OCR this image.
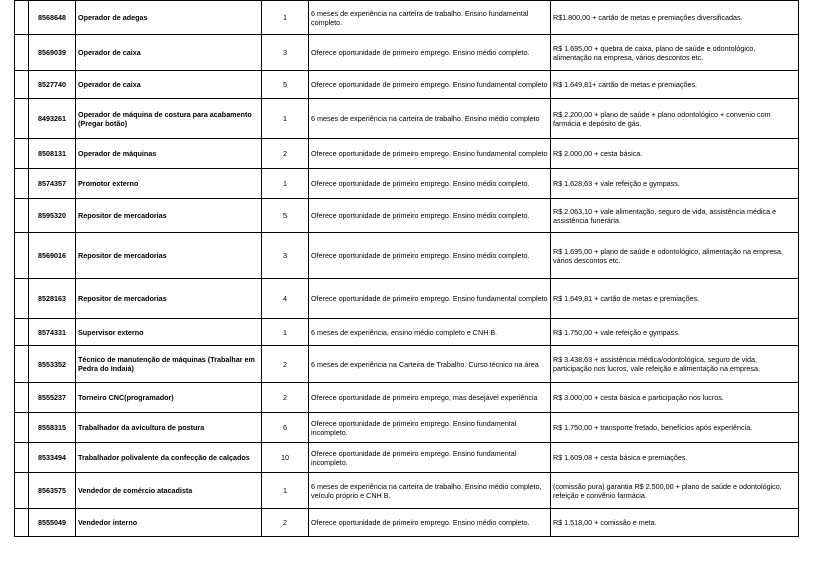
	8568648	Operador de adegas	1	6 meses de experiência na carteira de trabalho. Ensino fundamental completo.	R$1.800,00 + cartão de metas e premiações diversificadas.
	8569039	Operador de caixa	3	Oferece oportunidade de primeiro emprego. Ensino médio completo.	R$ 1.695,00 + quebra de caixa, plano de saúde e odontológico, alimentação na empresa, vários descontos etc.
	8527740	Operador de caixa	5	Oferece oportunidade de primeiro emprego. Ensino fundamental completo	R$ 1.649,81+ cartão de metas e premiações.
	8493261	Operador de máquina de costura para acabamento (Pregar botão)	1	6 meses de experiência na carteira de trabalho. Ensino médio completo	R$ 2.200,00 + plano de saúde + plano odontológico + convenio com farmácia e depósito de gás.
	8508131	Operador de máquinas	2	Oferece oportunidade de primeiro emprego. Ensino fundamental completo	R$ 2.000,00 + cesta básica.
	8574357	Promotor externo	1	Oferece oportunidade de primeiro emprego. Ensino médio completo.	R$ 1.628,63 + vale refeição e gympass.
	8595320	Repositor de mercadorias	5	Oferece oportunidade de primeiro emprego. Ensino médio completo.	R$ 2.063,10 + vale alimentação, seguro de vida, assistência médica e assistência funerária.
	8569016	Repositor de mercadorias	3	Oferece oportunidade de primeiro emprego. Ensino médio completo.	R$ 1.695,00 + plano de saúde e odontológico, alimentação na empresa, vários descontos etc.
	8528163	Repositor de mercadorias	4	Oferece oportunidade de primeiro emprego. Ensino fundamental completo	R$ 1.649,81 + cartão de metas e premiações.
	8574331	Supervisor externo	1	6 meses de experiência, ensino médio completo e CNH B.	R$ 1.750,00 + vale refeição e gympass.
	8553352	Técnico de manutenção de máquinas (Trabalhar em Pedra do Indaiá)	2	6 meses de experiência na Carteira de Trabalho. Curso técnico na área	R$ 3.438,63 + assistência médica/odontológica, seguro de vida, participação nos lucros, vale refeição e alimentação na empresa.
	8555237	Torneiro CNC(programador)	2	Oferece oportunidade de primeiro emprego, mas desejável experiência	R$ 3.000,00 + cesta básica e participação nos lucros.
	8558315	Trabalhador da avicultura de postura	6	Oferece oportunidade de primeiro emprego. Ensino fundamental incompleto.	R$ 1.750,00 + transporte fretado, benefícios após experiência.
	8533494	Trabalhador polivalente da confecção de calçados	10	Oferece oportunidade de primeiro emprego. Ensino fundamental incompleto.	R$ 1.609,08 + cesta básica e premiações.
	8563575	Vendedor de comércio atacadista	1	6 meses de experiência na carteira de trabalho. Ensino médio completo, veículo próprio e CNH B.	(comissão pura) garantia R$ 2.500,00 + plano de saúde e odontológico, refeição e convênio farmácia.
	8555049	Vendedor interno	2	Oferece oportunidade de primeiro emprego. Ensino médio completo.	R$ 1.518,00 + comissão e meta.
